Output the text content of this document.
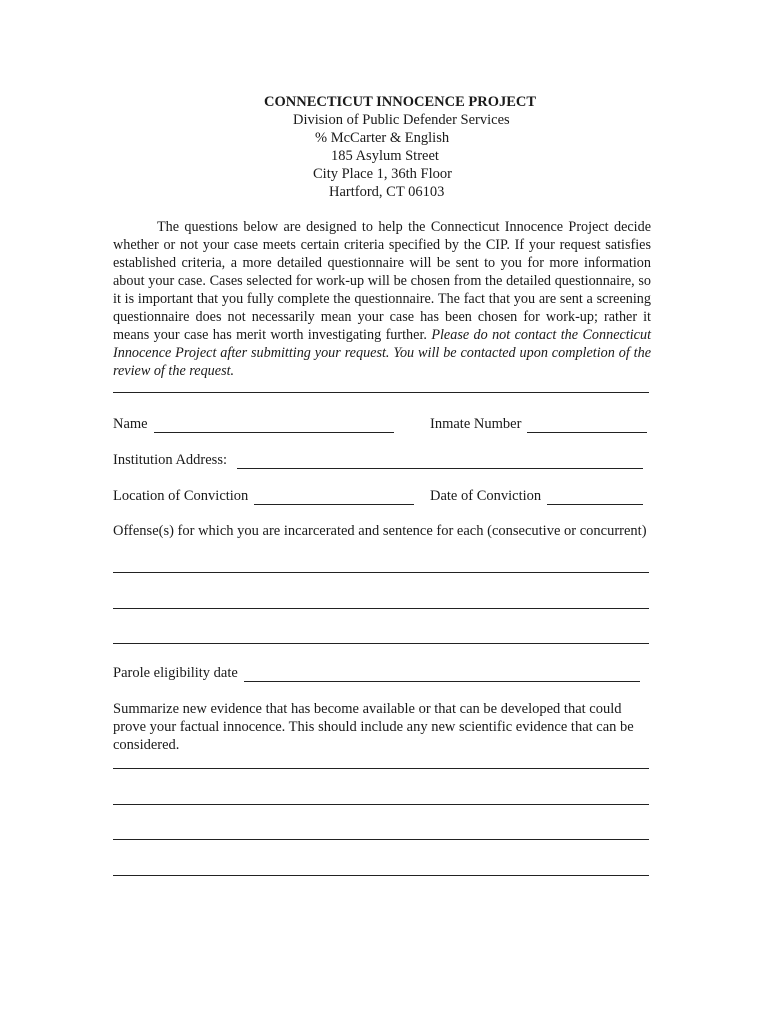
CONNECTICUT INNOCENCE PROJECT
Division of Public Defender Services
% McCarter & English
185 Asylum Street
City Place 1, 36th Floor
Hartford, CT 06103
The questions below are designed to help the Connecticut Innocence Project decide whether or not your case meets certain criteria specified by the CIP. If your request satisfies established criteria, a more detailed questionnaire will be sent to you for more information about your case. Cases selected for work-up will be chosen from the detailed questionnaire, so it is important that you fully complete the questionnaire. The fact that you are sent a screening questionnaire does not necessarily mean your case has been chosen for work-up; rather it means your case has merit worth investigating further. Please do not contact the Connecticut Innocence Project after submitting your request. You will be contacted upon completion of the review of the request.
Name	Inmate Number
Institution Address:
Location of Conviction	Date of Conviction
Offense(s) for which you are incarcerated and sentence for each (consecutive or concurrent)
Parole eligibility date
Summarize new evidence that has become available or that can be developed that could prove your factual innocence. This should include any new scientific evidence that can be considered.
